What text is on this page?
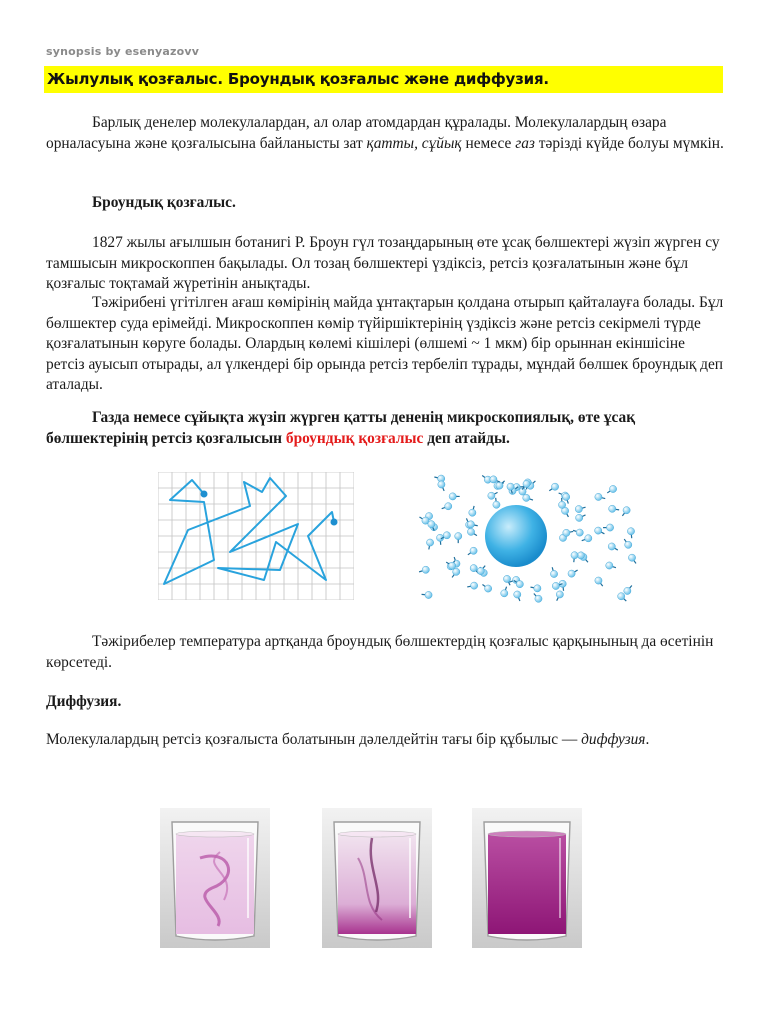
synopsis by esenyazovv
Жылулық қозғалыс. Броундық қозғалыс және диффузия.
Барлық денелер молекулалардан, ал олар атомдардан құралады. Молекулалардың өзара орналасуына және қозғалысына байланысты зат қатты, сұйық немесе газ тәрізді күйде болуы мүмкін.
Броундық қозғалыс.
1827 жылы ағылшын ботанигі Р. Броун гүл тозаңдарының өте ұсақ бөлшектері жүзіп жүрген су тамшысын микроскоппен бақылады. Ол тозаң бөлшектері үздіксіз, ретсіз қозғалатынын және бұл қозғалыс тоқтамай жүретінін анықтады.
Тәжірибені үгітілген ағаш көмірінің майда ұнтақтарын қолдана отырып қайталауға болады. Бұл бөлшектер суда ерімейді. Микроскоппен көмір түйіршіктерінің үздіксіз және ретсіз секірмелі түрде қозғалатынын көруге болады. Олардың көлемі кішілері (өлшемі ~ 1 мкм) бір орыннан екіншісіне ретсіз ауысып отырады, ал үлкендері бір орында ретсіз тербеліп тұрады, мұндай бөлшек броундық деп аталады.
Газда немесе сұйықта жүзіп жүрген қатты дененің микроскопиялық, өте ұсақ бөлшектерінің ретсіз қозғалысын броундық қозғалыс деп атайды.
Тәжірибелер температура артқанда броундық бөлшектердің қозғалыс қарқынының да өсетінін көрсетеді.
Диффузия.
Молекулалардың ретсіз қозғалыста болатынын дәлелдейтін тағы бір құбылыс — диффузия.
